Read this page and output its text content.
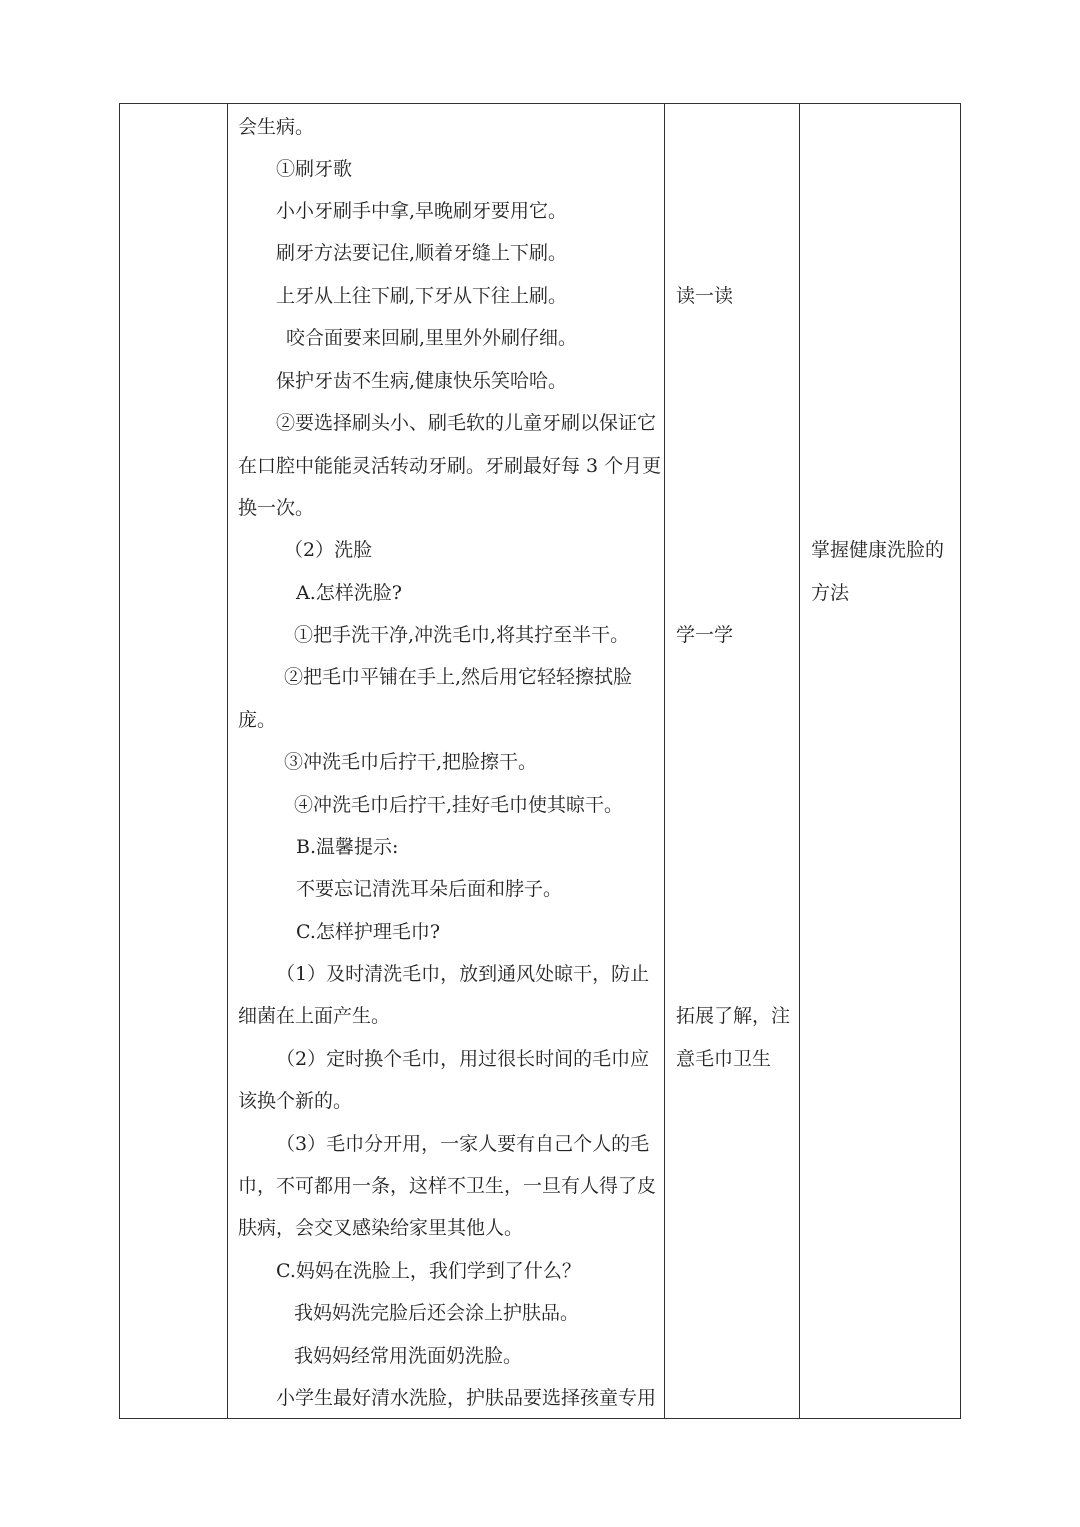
会生病。
①刷牙歌
小小牙刷手中拿,早晚刷牙要用它。
刷牙方法要记住,顺着牙缝上下刷。
上牙从上往下刷,下牙从下往上刷。
咬合面要来回刷,里里外外刷仔细。
保护牙齿不生病,健康快乐笑哈哈。
②要选择刷头小、刷毛软的儿童牙刷以保证它
在口腔中能能灵活转动牙刷。牙刷最好每 3 个月更
换一次。
（2）洗脸
A.怎样洗脸?
①把手洗干净,冲洗毛巾,将其拧至半干。
②把毛巾平铺在手上,然后用它轻轻擦拭脸
庞。
③冲洗毛巾后拧干,把脸擦干。
④冲洗毛巾后拧干,挂好毛巾使其晾干。
B.温馨提示:
不要忘记清洗耳朵后面和脖子。
C.怎样护理毛巾?
（1）及时清洗毛巾，放到通风处晾干，防止
细菌在上面产生。
（2）定时换个毛巾，用过很长时间的毛巾应
该换个新的。
（3）毛巾分开用，一家人要有自己个人的毛
巾，不可都用一条，这样不卫生，一旦有人得了皮
肤病，会交叉感染给家里其他人。
C.妈妈在洗脸上，我们学到了什么？
我妈妈洗完脸后还会涂上护肤品。
我妈妈经常用洗面奶洗脸。
小学生最好清水洗脸，护肤品要选择孩童专用
读一读
学一学
拓展了解，注
意毛巾卫生
掌握健康洗脸的
方法
